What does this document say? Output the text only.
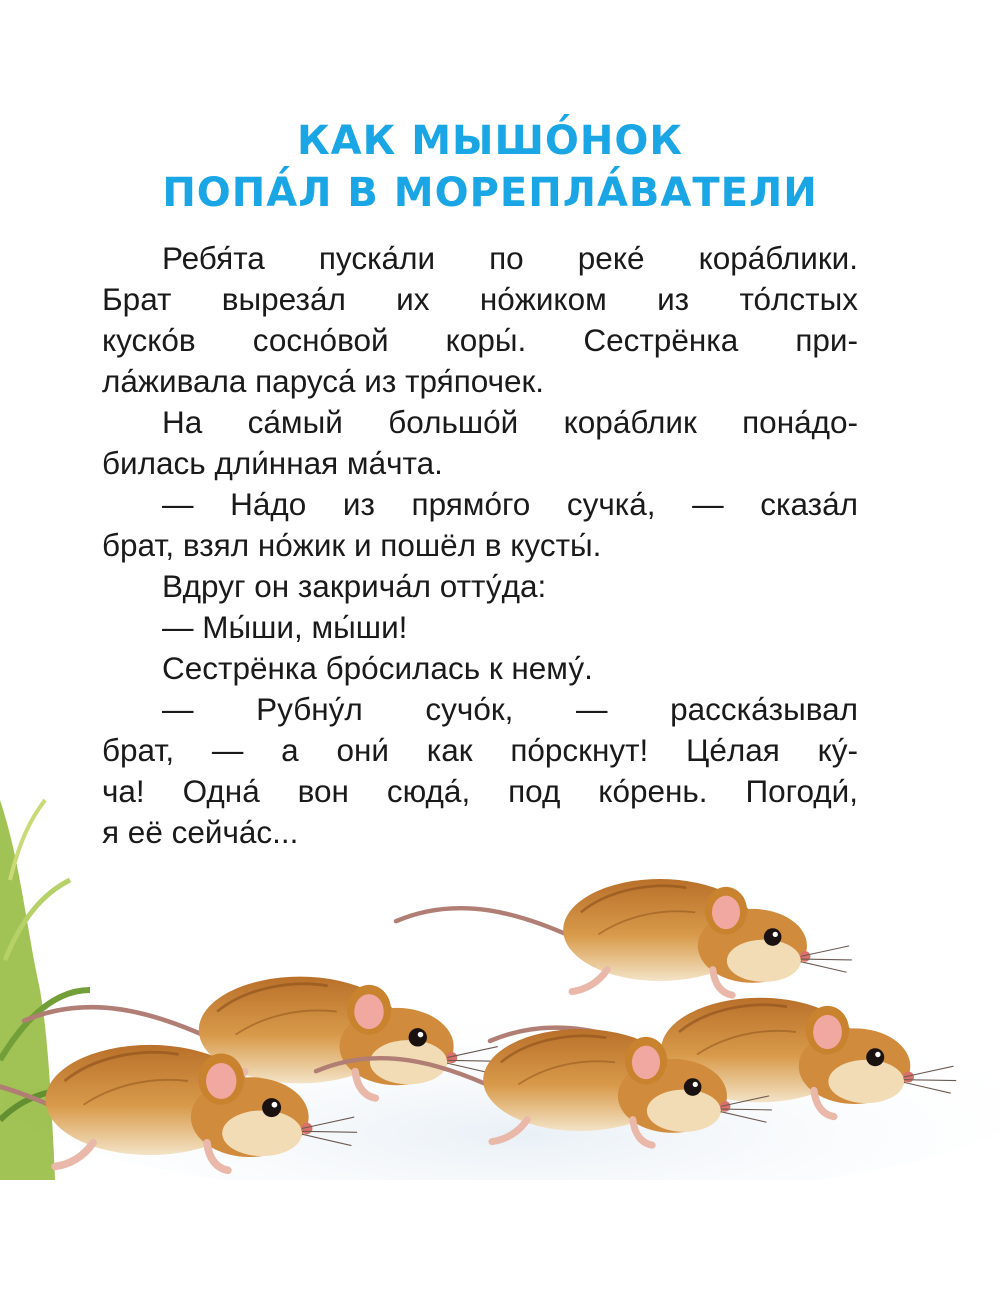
КАК МЫШО́НОК
ПОПА́Л В МОРЕПЛА́ВАТЕЛИ
Ребя́та пуска́ли по реке́ кора́блики.
Брат выреза́л их но́жиком из то́лстых
куско́в сосно́вой коры́. Сестрёнка при-
ла́живала паруса́ из тря́почек.
На са́мый большо́й кора́блик пона́до-
билась дли́нная ма́чта.
— На́до из прямо́го сучка́, — сказа́л
брат, взял но́жик и пошёл в кусты́.
Вдруг он закрича́л отту́да:
— Мы́ши, мы́ши!
Сестрёнка бро́силась к нему́.
— Рубну́л сучо́к, — расска́зывал
брат, — а они́ как по́рскнут! Це́лая ку́-
ча! Одна́ вон сюда́, под ко́рень. Погоди́,
я её сейча́с...
